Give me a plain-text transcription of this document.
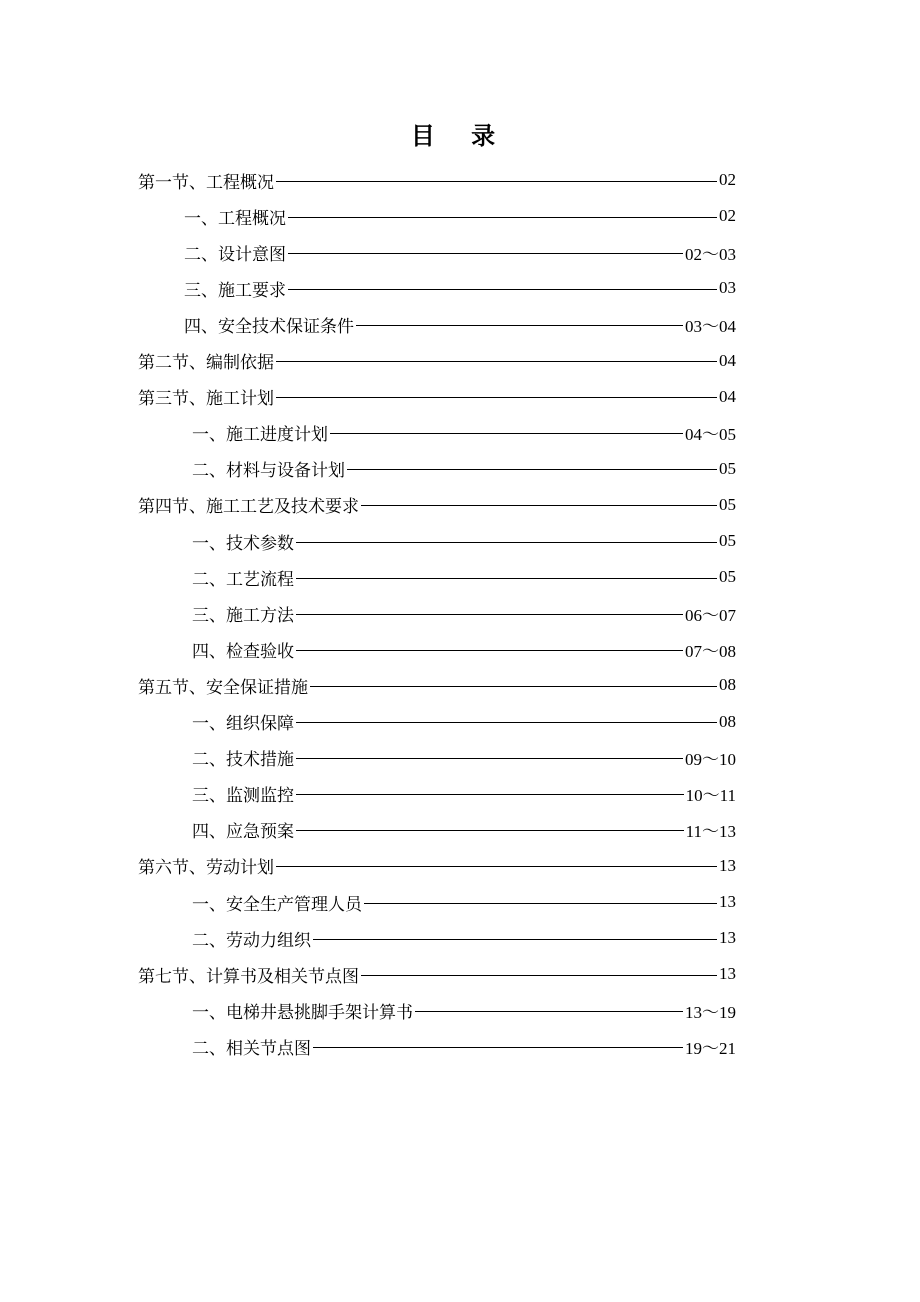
目 录
第一节、工程概况	02
一、工程概况	02
二、设计意图	02～03
三、施工要求	03
四、安全技术保证条件	03～04
第二节、编制依据	04
第三节、施工计划	04
一、施工进度计划	04～05
二、材料与设备计划	05
第四节、施工工艺及技术要求	05
一、技术参数	05
二、工艺流程	05
三、施工方法	06～07
四、检查验收	07～08
第五节、安全保证措施	08
一、组织保障	08
二、技术措施	09～10
三、监测监控	10～11
四、应急预案	11～13
第六节、劳动计划	13
一、安全生产管理人员	13
二、劳动力组织	13
第七节、计算书及相关节点图	13
一、电梯井悬挑脚手架计算书	13～19
二、相关节点图	19～21
